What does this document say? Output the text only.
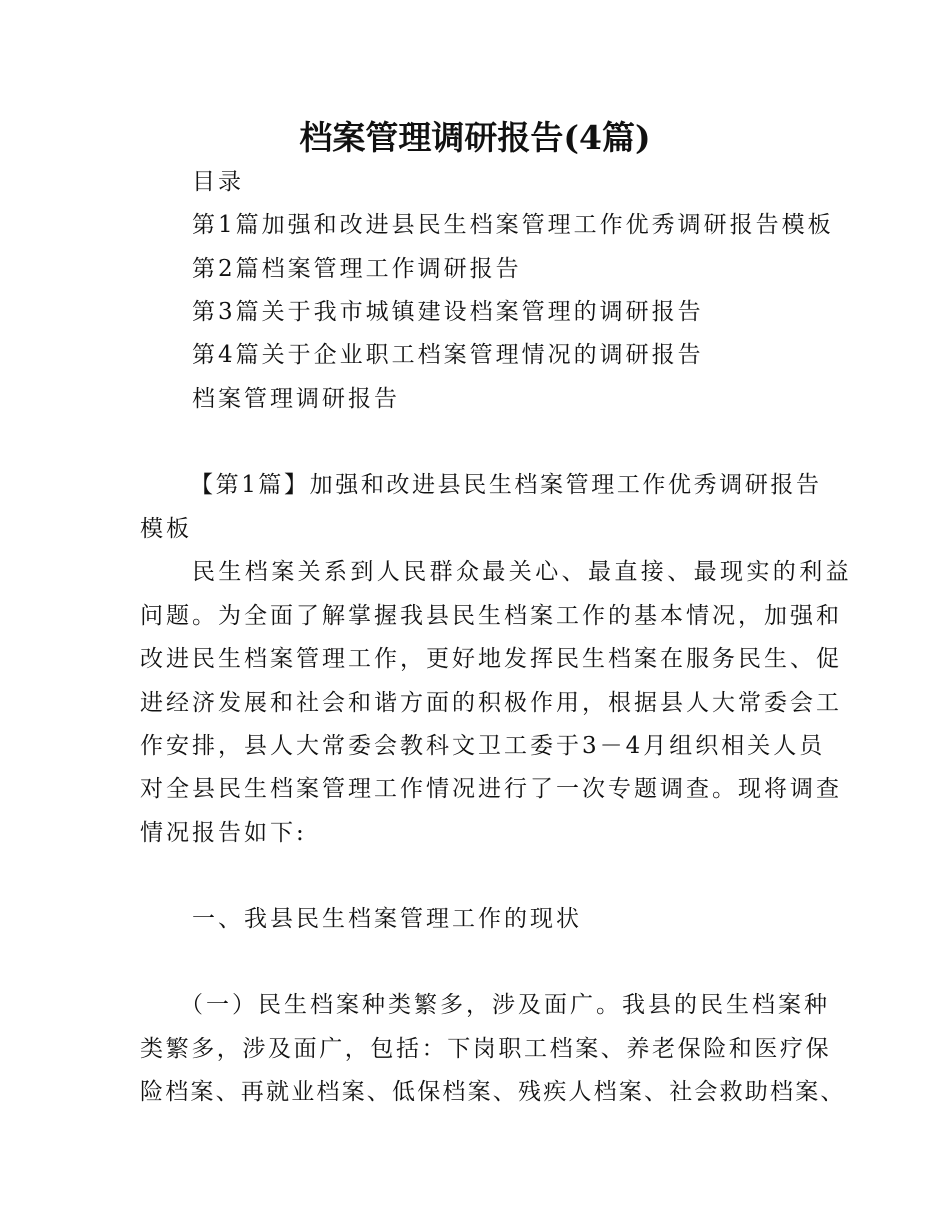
档案管理调研报告(4篇)
目录
第1篇加强和改进县民生档案管理工作优秀调研报告模板
第2篇档案管理工作调研报告
第3篇关于我市城镇建设档案管理的调研报告
第4篇关于企业职工档案管理情况的调研报告
档案管理调研报告
【第1篇】加强和改进县民生档案管理工作优秀调研报告
模板
民生档案关系到人民群众最关心、最直接、最现实的利益
问题。为全面了解掌握我县民生档案工作的基本情况，加强和
改进民生档案管理工作，更好地发挥民生档案在服务民生、促
进经济发展和社会和谐方面的积极作用，根据县人大常委会工
作安排，县人大常委会教科文卫工委于3－4月组织相关人员
对全县民生档案管理工作情况进行了一次专题调查。现将调查
情况报告如下:
一、我县民生档案管理工作的现状
（一）民生档案种类繁多，涉及面广。我县的民生档案种
类繁多，涉及面广，包括：下岗职工档案、养老保险和医疗保
险档案、再就业档案、低保档案、残疾人档案、社会救助档案、
